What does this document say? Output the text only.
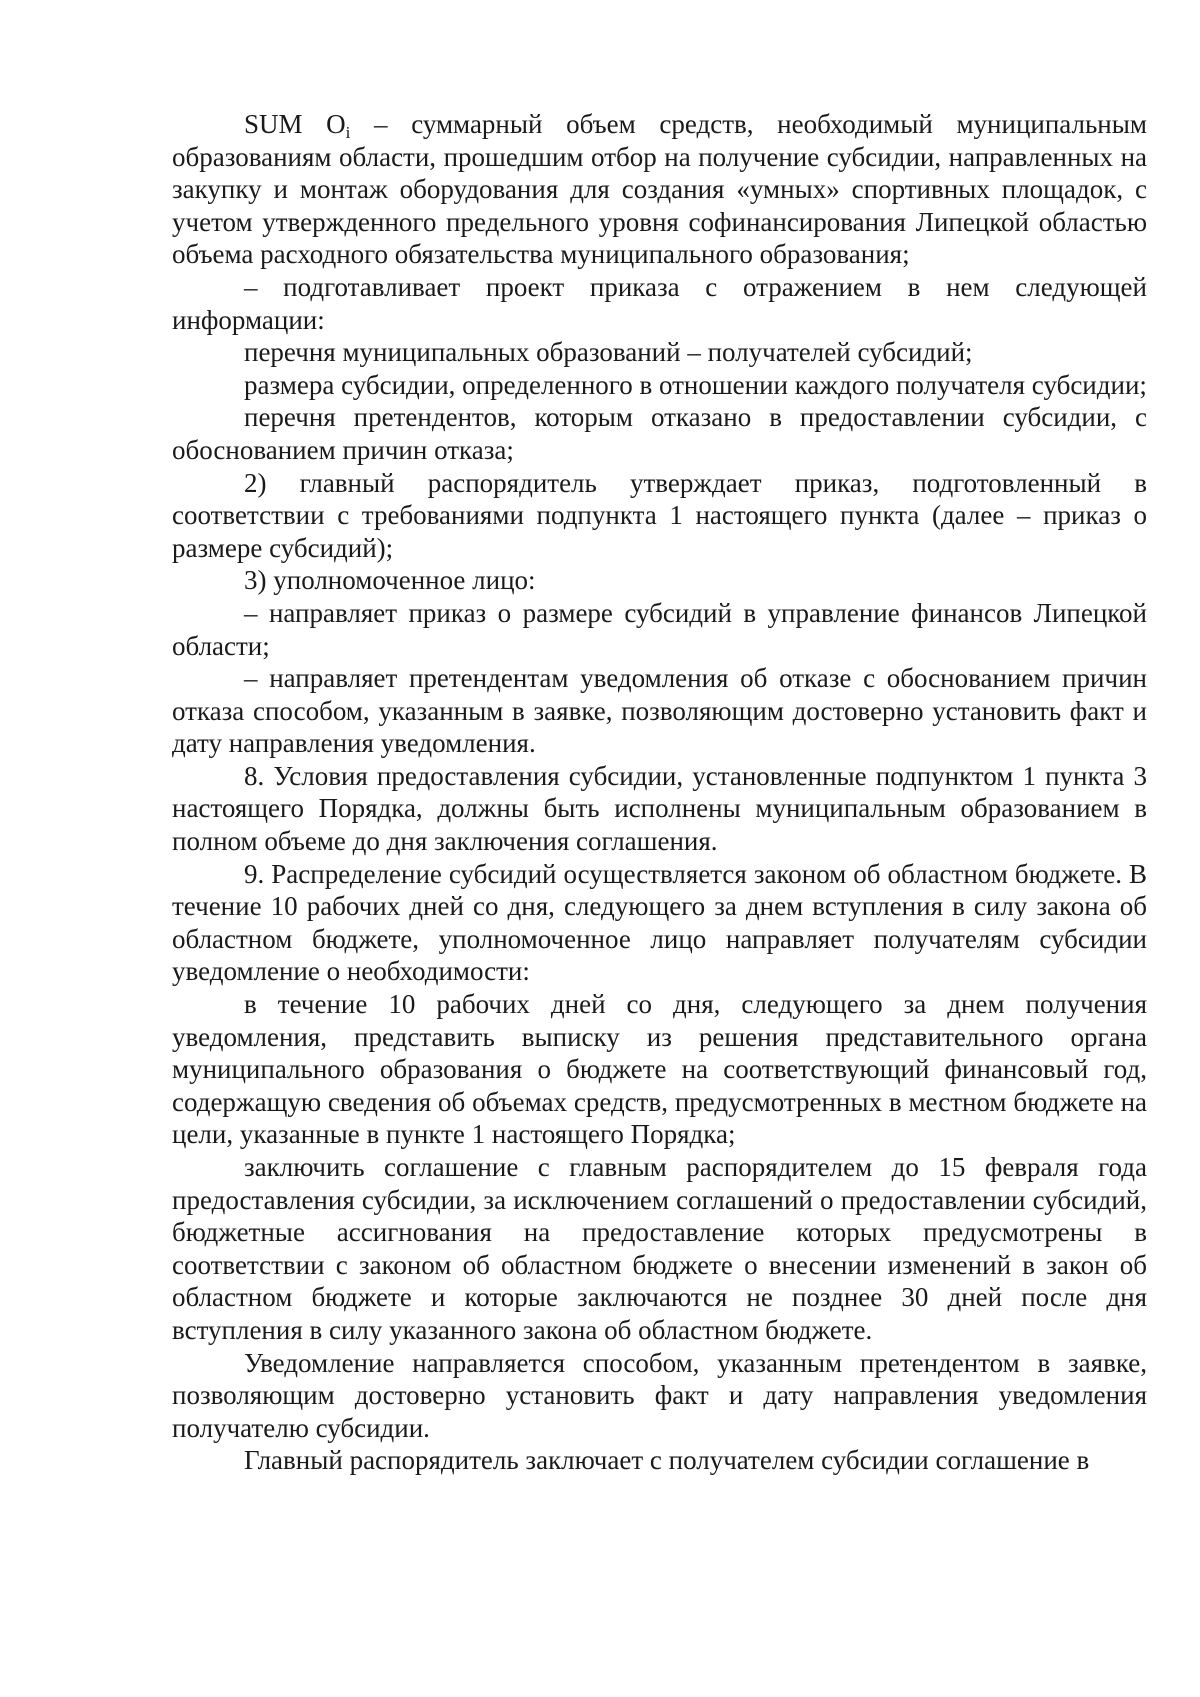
SUM $O_i$ – суммарный объем средств, необходимый муниципальным образованиям области, прошедшим отбор на получение субсидии, направленных на закупку и монтаж оборудования для создания «умных» спортивных площадок, с учетом утвержденного предельного уровня софинансирования Липецкой областью объема расходного обязательства муниципального образования;

– подготавливает проект приказа с отражением в нем следующей информации:

перечня муниципальных образований – получателей субсидий;

размера субсидии, определенного в отношении каждого получателя субсидии;

перечня претендентов, которым отказано в предоставлении субсидии, с обоснованием причин отказа;

2) главный распорядитель утверждает приказ, подготовленный в соответствии с требованиями подпункта 1 настоящего пункта (далее – приказ о размере субсидий);

3) уполномоченное лицо:

– направляет приказ о размере субсидий в управление финансов Липецкой области;

– направляет претендентам уведомления об отказе с обоснованием причин отказа способом, указанным в заявке, позволяющим достоверно установить факт и дату направления уведомления.

8. Условия предоставления субсидии, установленные подпунктом 1 пункта 3 настоящего Порядка, должны быть исполнены муниципальным образованием в полном объеме до дня заключения соглашения.

9. Распределение субсидий осуществляется законом об областном бюджете. В течение 10 рабочих дней со дня, следующего за днем вступления в силу закона об областном бюджете, уполномоченное лицо направляет получателям субсидии уведомление о необходимости:

в течение 10 рабочих дней со дня, следующего за днем получения уведомления, представить выписку из решения представительного органа муниципального образования о бюджете на соответствующий финансовый год, содержащую сведения об объемах средств, предусмотренных в местном бюджете на цели, указанные в пункте 1 настоящего Порядка;

заключить соглашение с главным распорядителем до 15 февраля года предоставления субсидии, за исключением соглашений о предоставлении субсидий, бюджетные ассигнования на предоставление которых предусмотрены в соответствии с законом об областном бюджете о внесении изменений в закон об областном бюджете и которые заключаются не позднее 30 дней после дня вступления в силу указанного закона об областном бюджете.

Уведомление направляется способом, указанным претендентом в заявке, позволяющим достоверно установить факт и дату направления уведомления получателю субсидии.

Главный распорядитель заключает с получателем субсидии соглашение в
